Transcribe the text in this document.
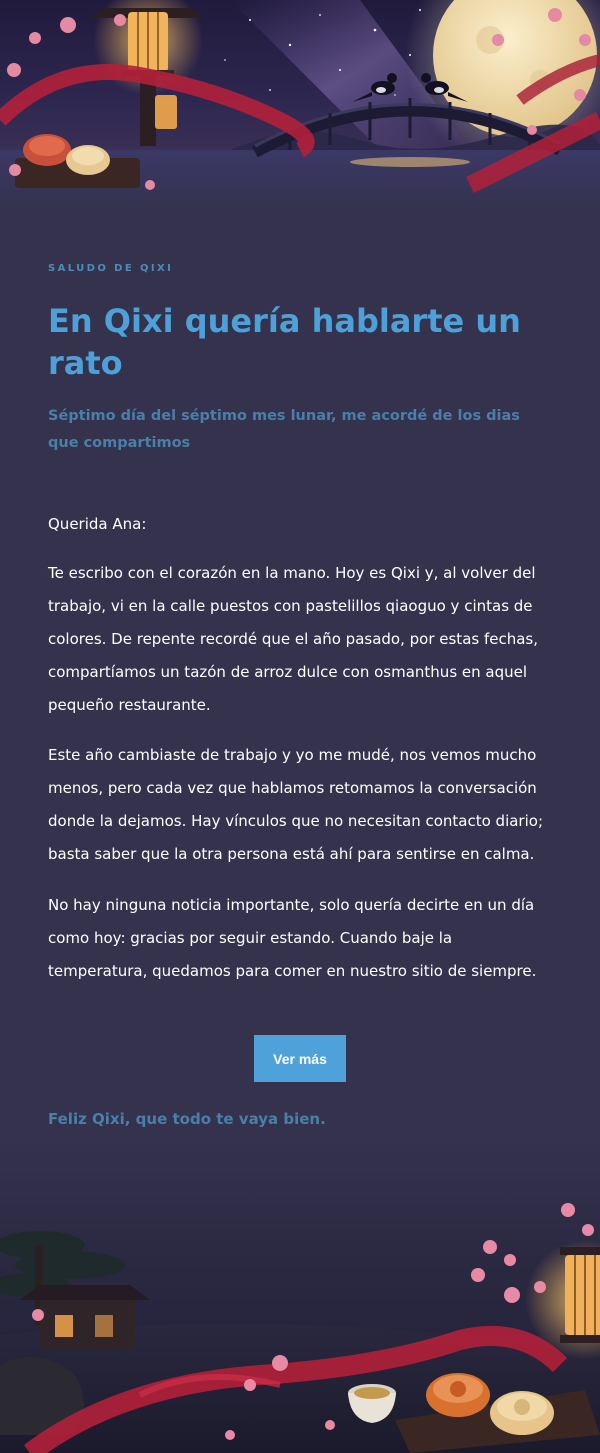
SALUDO DE QIXI
En Qixi quería hablarte un rato

Séptimo día del séptimo mes lunar, me acordé de los dias que compartimos

Querida Ana:

Te escribo con el corazón en la mano. Hoy es Qixi y, al volver del trabajo, vi en la calle puestos con pastelillos qiaoguo y cintas de colores. De repente recordé que el año pasado, por estas fechas, compartíamos un tazón de arroz dulce con osmanthus en aquel pequeño restaurante.

Este año cambiaste de trabajo y yo me mudé, nos vemos mucho menos, pero cada vez que hablamos retomamos la conversación donde la dejamos. Hay vínculos que no necesitan contacto diario; basta saber que la otra persona está ahí para sentirse en calma.

No hay ninguna noticia importante, solo quería decirte en un día como hoy: gracias por seguir estando. Cuando baje la temperatura, quedamos para comer en nuestro sitio de siempre.

Ver más

Feliz Qixi, que todo te vaya bien.
